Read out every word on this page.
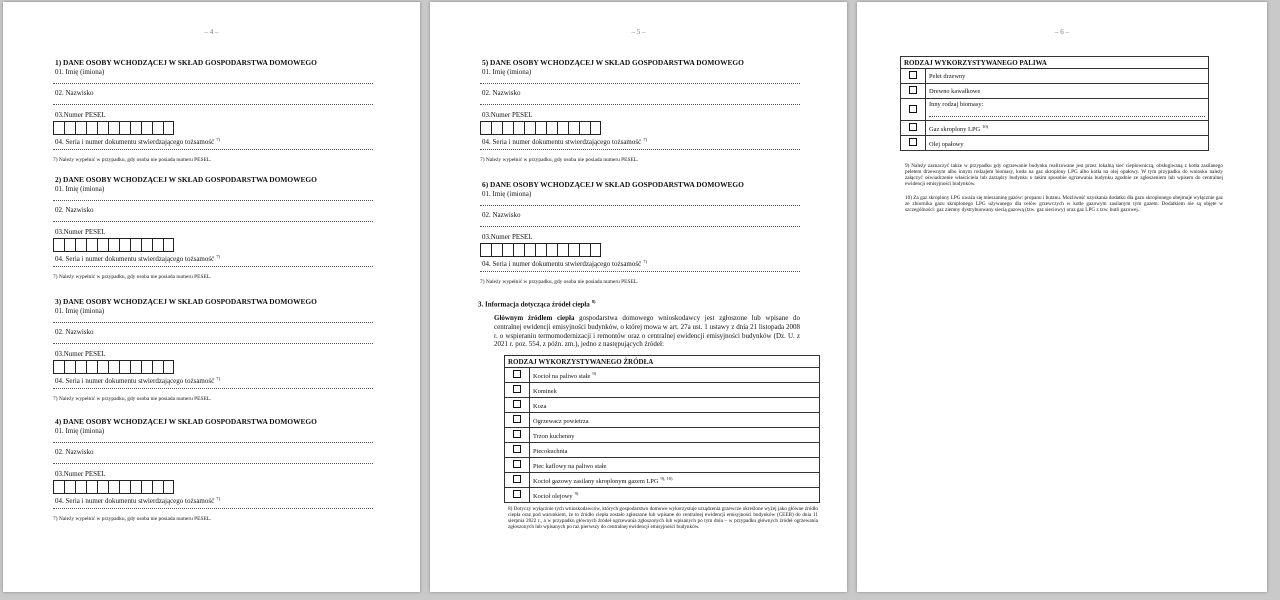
– 4 –
1) DANE OSOBY WCHODZĄCEJ W SKŁAD GOSPODARSTWA DOMOWEGO
01. Imię (imiona)
02. Nazwisko
03.Numer PESEL
04. Seria i numer dokumentu stwierdzającego tożsamość $^{7)}$
7) Należy wypełnić w przypadku, gdy osoba nie posiada numeru PESEL.
2) DANE OSOBY WCHODZĄCEJ W SKŁAD GOSPODARSTWA DOMOWEGO
01. Imię (imiona)
02. Nazwisko
03.Numer PESEL
04. Seria i numer dokumentu stwierdzającego tożsamość $^{7)}$
7) Należy wypełnić w przypadku, gdy osoba nie posiada numeru PESEL.
3) DANE OSOBY WCHODZĄCEJ W SKŁAD GOSPODARSTWA DOMOWEGO
01. Imię (imiona)
02. Nazwisko
03.Numer PESEL
04. Seria i numer dokumentu stwierdzającego tożsamość $^{7)}$
7) Należy wypełnić w przypadku, gdy osoba nie posiada numeru PESEL.
4) DANE OSOBY WCHODZĄCEJ W SKŁAD GOSPODARSTWA DOMOWEGO
01. Imię (imiona)
02. Nazwisko
03.Numer PESEL
04. Seria i numer dokumentu stwierdzającego tożsamość $^{7)}$
7) Należy wypełnić w przypadku, gdy osoba nie posiada numeru PESEL.
– 5 –
5) DANE OSOBY WCHODZĄCEJ W SKŁAD GOSPODARSTWA DOMOWEGO
01. Imię (imiona)
02. Nazwisko
03.Numer PESEL
04. Seria i numer dokumentu stwierdzającego tożsamość $^{7)}$
7) Należy wypełnić w przypadku, gdy osoba nie posiada numeru PESEL.
6) DANE OSOBY WCHODZĄCEJ W SKŁAD GOSPODARSTWA DOMOWEGO
01. Imię (imiona)
02. Nazwisko
03.Numer PESEL
04. Seria i numer dokumentu stwierdzającego tożsamość $^{7)}$
7) Należy wypełnić w przypadku, gdy osoba nie posiada numeru PESEL.
3. Informacja dotycząca źródeł ciepła $^{8)}$
Głównym źródłem ciepła gospodarstwa domowego wnioskodawcy jest zgłoszone lub wpisane do centralnej ewidencji emisyjności budynków, o której mowa w art. 27a ust. 1 ustawy z dnia 21 listopada 2008 r. o wspieraniu termomodernizacji i remontów oraz o centralnej ewidencji emisyjności budynków (Dz. U. z 2021 r. poz. 554, z późn. zm.), jedno z następujących źródeł:
RODZAJ WYKORZYSTYWANEGO ŹRÓDŁA	
	Kocioł na paliwo stałe $^{9)}$
	Kominek
	Koza
	Ogrzewacz powietrza
	Trzon kuchenny
	Piecokuchnia
	Piec kaflowy na paliwo stałe
	Kocioł gazowy zasilany skroplonym gazem LPG $^{9), 10)}$
	Kocioł olejowy $^{9)}$
8) Dotyczy wyłącznie tych wnioskodawców, których gospodarstwo domowe wykorzystuje urządzenia grzewcze określone wyżej jako główne źródło ciepła oraz pod warunkiem, że to źródło ciepła zostało zgłoszone lub wpisane do centralnej ewidencji emisyjności budynków (CEEB) do dnia 11 sierpnia 2022 r., a w przypadku głównych źródeł ogrzewania zgłoszonych lub wpisanych po tym dniu – w przypadku głównych źródeł ogrzewania zgłoszonych lub wpisanych po raz pierwszy do centralnej ewidencji emisyjności budynków.
– 6 –
RODZAJ WYKORZYSTYWANEGO PALIWA	
	Pelet drzewny
	Drewno kawałkowe
	Inny rodzaj biomasy:

	Gaz skroplony LPG $^{10)}$
	Olej opałowy
9) Należy zaznaczyć także w przypadku gdy ogrzewanie budynku realizowane jest przez lokalną sieć ciepłowniczą, obsługiwaną z kotła zasilanego peletem drzewnym albo innym rodzajem biomasy, kotła na gaz skroplony LPG albo kotła na olej opałowy. W tym przypadku do wniosku należy załączyć oświadczenie właściciela lub zarządcy budynku o takim sposobie ogrzewania budynku zgodnie ze zgłoszeniem lub wpisem do centralnej ewidencji emisyjności budynków.
10) Za gaz skroplony LPG uważa się mieszaninę gazów: propanu i butanu. Możliwość uzyskania dodatku dla gazu skroplonego obejmuje wyłącznie gaz ze zbiornika gazu skroplonego LPG używanego dla celów grzewczych w kotle gazowym zasilanym tym gazem. Dodatkiem nie są objęte w szczególności: gaz ziemny dystrybuowany siecią gazową (tzw. gaz sieciowy) oraz gaz LPG z tzw. butli gazowej.
